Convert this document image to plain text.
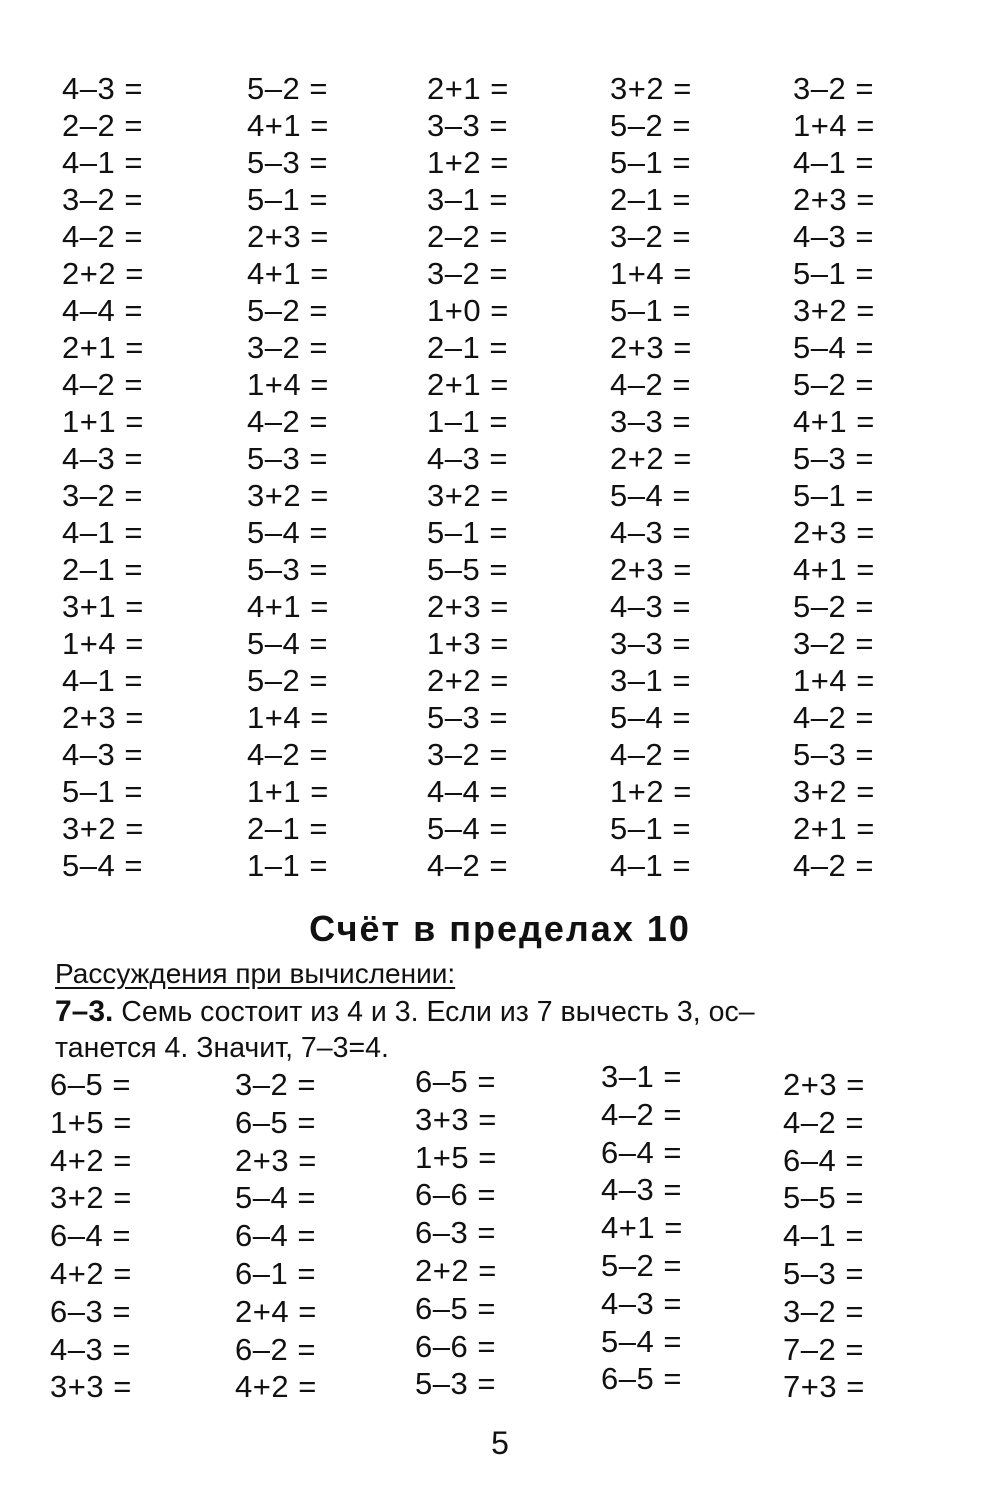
4–3 =
2–2 =
4–1 =
3–2 =
4–2 =
2+2 =
4–4 =
2+1 =
4–2 =
1+1 =
4–3 =
3–2 =
4–1 =
2–1 =
3+1 =
1+4 =
4–1 =
2+3 =
4–3 =
5–1 =
3+2 =
5–4 =
5–2 =
4+1 =
5–3 =
5–1 =
2+3 =
4+1 =
5–2 =
3–2 =
1+4 =
4–2 =
5–3 =
3+2 =
5–4 =
5–3 =
4+1 =
5–4 =
5–2 =
1+4 =
4–2 =
1+1 =
2–1 =
1–1 =
2+1 =
3–3 =
1+2 =
3–1 =
2–2 =
3–2 =
1+0 =
2–1 =
2+1 =
1–1 =
4–3 =
3+2 =
5–1 =
5–5 =
2+3 =
1+3 =
2+2 =
5–3 =
3–2 =
4–4 =
5–4 =
4–2 =
3+2 =
5–2 =
5–1 =
2–1 =
3–2 =
1+4 =
5–1 =
2+3 =
4–2 =
3–3 =
2+2 =
5–4 =
4–3 =
2+3 =
4–3 =
3–3 =
3–1 =
5–4 =
4–2 =
1+2 =
5–1 =
4–1 =
3–2 =
1+4 =
4–1 =
2+3 =
4–3 =
5–1 =
3+2 =
5–4 =
5–2 =
4+1 =
5–3 =
5–1 =
2+3 =
4+1 =
5–2 =
3–2 =
1+4 =
4–2 =
5–3 =
3+2 =
2+1 =
4–2 =
Счёт в пределах 10
Рассуждения при вычислении:
7–3. Семь состоит из 4 и 3. Если из 7 вычесть 3, ос–
танется 4. Значит, 7–3=4.
6–5 =
1+5 =
4+2 =
3+2 =
6–4 =
4+2 =
6–3 =
4–3 =
3+3 =
3–2 =
6–5 =
2+3 =
5–4 =
6–4 =
6–1 =
2+4 =
6–2 =
4+2 =
6–5 =
3+3 =
1+5 =
6–6 =
6–3 =
2+2 =
6–5 =
6–6 =
5–3 =
3–1 =
4–2 =
6–4 =
4–3 =
4+1 =
5–2 =
4–3 =
5–4 =
6–5 =
2+3 =
4–2 =
6–4 =
5–5 =
4–1 =
5–3 =
3–2 =
7–2 =
7+3 =
5
